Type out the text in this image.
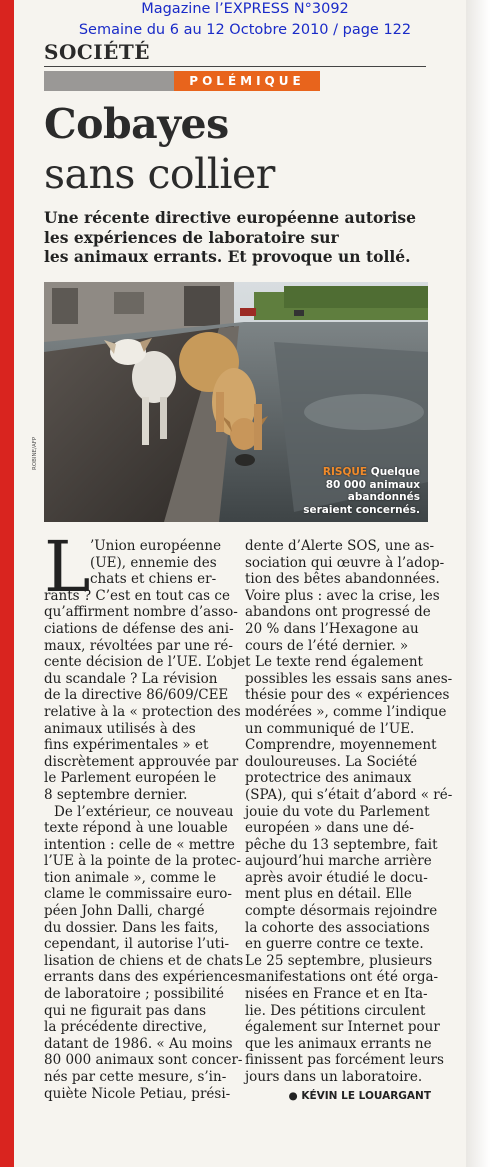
Magazine l’EXPRESS N°3092
Semaine du 6 au 12 Octobre 2010 / page 122
SOCIÉTÉ
POLÉMIQUE
Cobayes
sans collier
Une récente directive européenne autorise
les expériences de laboratoire sur
les animaux errants. Et provoque un tollé.
RISQUE Quelque
80 000 animaux
abandonnés
seraient concernés.
ROBINE/AFP
L ’Union européenne
(UE), ennemie des
chats et chiens er-
rants ? C’est en tout cas ce
qu’affirment nombre d’asso-
ciations de défense des ani-
maux, révoltées par une ré-
cente décision de l’UE. L’objet
du scandale ? La révision
de la directive 86/609/CEE
relative à la « protection des
animaux utilisés à des
fins expérimentales » et
discrètement approuvée par
le Parlement européen le
8 septembre dernier.
De l’extérieur, ce nouveau
texte répond à une louable
intention : celle de « mettre
l’UE à la pointe de la protec-
tion animale », comme le
clame le commissaire euro-
péen John Dalli, chargé
du dossier. Dans les faits,
cependant, il autorise l’uti-
lisation de chiens et de chats
errants dans des expériences
de laboratoire ; possibilité
qui ne figurait pas dans
la précédente directive,
datant de 1986. « Au moins
80 000 animaux sont concer-
nés par cette mesure, s’in-
quiète Nicole Petiau, prési-
dente d’Alerte SOS, une as-
sociation qui œuvre à l’adop-
tion des bêtes abandonnées.
Voire plus : avec la crise, les
abandons ont progressé de
20 % dans l’Hexagone au
cours de l’été dernier. »
Le texte rend également
possibles les essais sans anes-
thésie pour des « expériences
modérées », comme l’indique
un communiqué de l’UE.
Comprendre, moyennement
douloureuses. La Société
protectrice des animaux
(SPA), qui s’était d’abord « ré-
jouie du vote du Parlement
européen » dans une dé-
pêche du 13 septembre, fait
aujourd’hui marche arrière
après avoir étudié le docu-
ment plus en détail. Elle
compte désormais rejoindre
la cohorte des associations
en guerre contre ce texte.
Le 25 septembre, plusieurs
manifestations ont été orga-
nisées en France et en Ita-
lie. Des pétitions circulent
également sur Internet pour
que les animaux errants ne
finissent pas forcément leurs
jours dans un laboratoire.
● KÉVIN LE LOUARGANT
